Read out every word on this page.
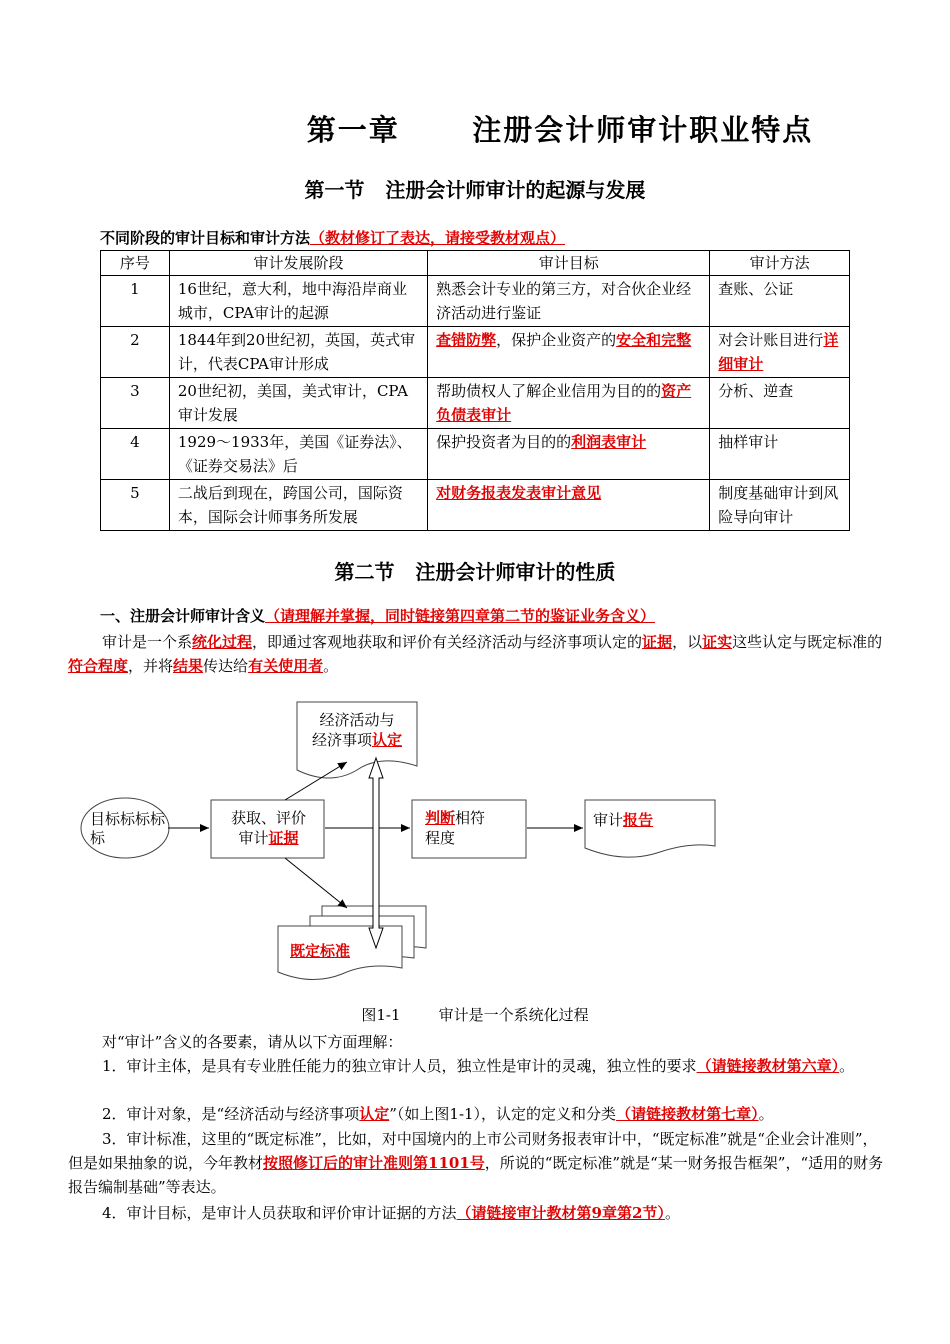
第一章      注册会计师审计职业特点
第一节   注册会计师审计的起源与发展
不同阶段的审计目标和审计方法（教材修订了表达，请接受教材观点）
序号	审计发展阶段	审计目标	审计方法
1	16世纪，意大利，地中海沿岸商业城市，CPA审计的起源	熟悉会计专业的第三方，对合伙企业经济活动进行鉴证	查账、公证
2	1844年到20世纪初，英国，英式审计，代表CPA审计形成	查错防弊，保护企业资产的安全和完整	对会计账目进行详细审计
3	20世纪初，美国，美式审计，CPA审计发展	帮助债权人了解企业信用为目的的资产负债表审计	分析、逆查
4	1929～1933年，美国《证券法》、《证券交易法》后	保护投资者为目的的利润表审计	抽样审计
5	二战后到现在，跨国公司，国际资本，国际会计师事务所发展	对财务报表发表审计意见	制度基础审计到风险导向审计
第二节   注册会计师审计的性质
一、注册会计师审计含义（请理解并掌握，同时链接第四章第二节的鉴证业务含义）
审计是一个系统化过程，即通过客观地获取和评价有关经济活动与经济事项认定的证据，以证实这些认定与既定标准的符合程度，并将结果传达给有关使用者。
经济活动与
经济事项认定
目标标标标
标
获取、评价
审计证据
判断相符
程度
审计报告
既定标准
图1-1        审计是一个系统化过程
对“审计”含义的各要素，请从以下方面理解：
1．审计主体，是具有专业胜任能力的独立审计人员，独立性是审计的灵魂，独立性的要求（请链接教材第六章）。
2．审计对象，是“经济活动与经济事项认定”（如上图1-1），认定的定义和分类（请链接教材第七章）。
3．审计标准，这里的“既定标准”，比如，对中国境内的上市公司财务报表审计中，“既定标准”就是“企业会计准则”，但是如果抽象的说，今年教材按照修订后的审计准则第1101号，所说的“既定标准”就是“某一财务报告框架”，“适用的财务报告编制基础”等表达。
4．审计目标，是审计人员获取和评价审计证据的方法（请链接审计教材第9章第2节）。
